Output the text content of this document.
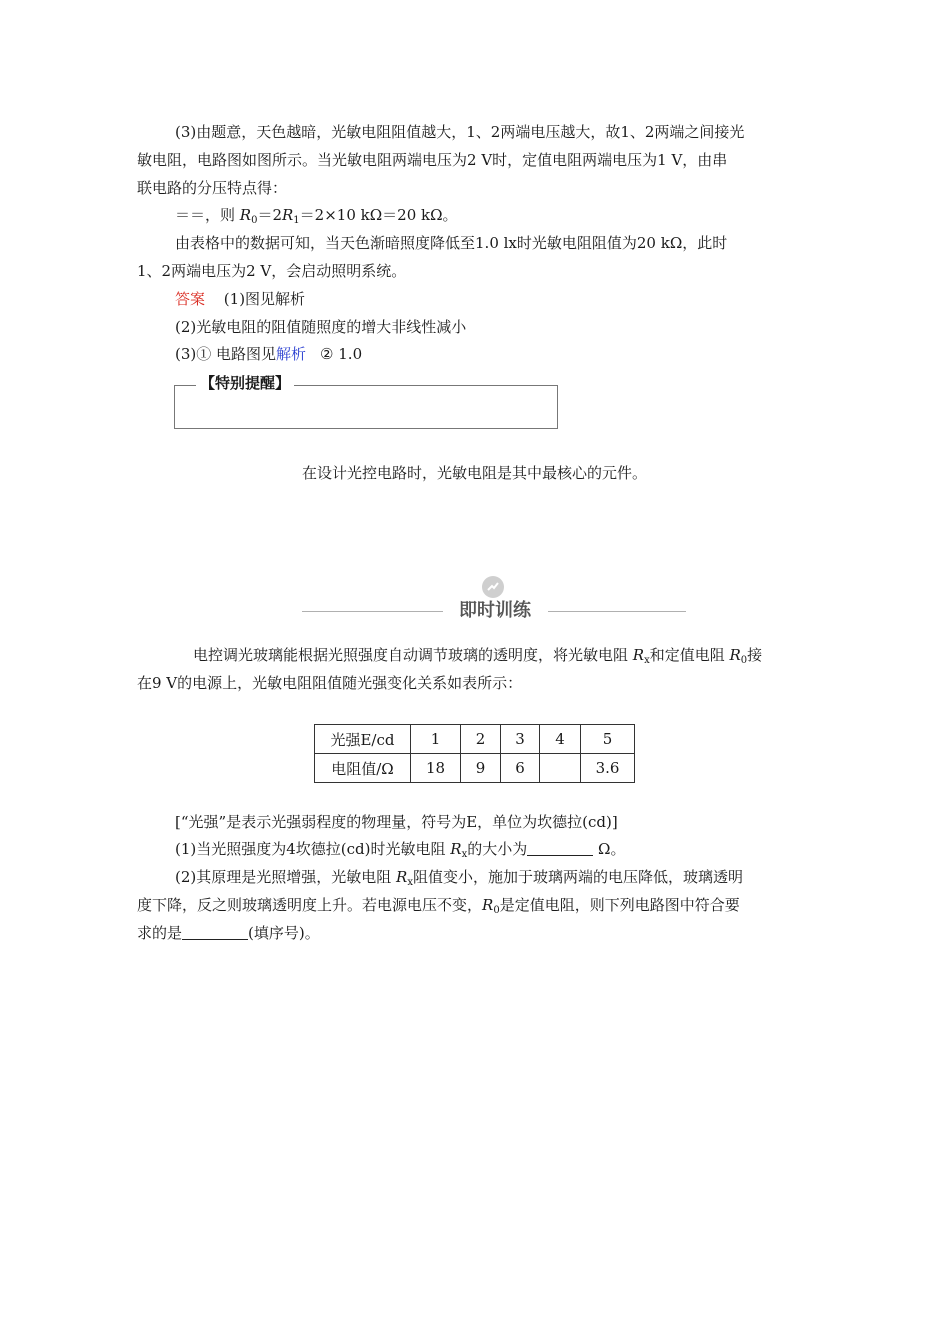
(3)由题意，天色越暗，光敏电阻阻值越大，1、2两端电压越大，故1、2两端之间接光
敏电阻，电路图如图所示。当光敏电阻两端电压为2 V时，定值电阻两端电压为1 V，由串
联电路的分压特点得：
＝＝，则 $R_0=2R_1=2\times 10$ kΩ＝20 kΩ。
由表格中的数据可知，当天色渐暗照度降低至1.0 lx时光敏电阻阻值为20 kΩ，此时
1、2两端电压为2 V，会启动照明系统。
答案 (1)图见解析
(2)光敏电阻的阻值随照度的增大非线性减小
(3)① 电路图见解析 ② 1.0
【特别提醒】
在设计光控电路时，光敏电阻是其中最核心的元件。
即时训练
电控调光玻璃能根据光照强度自动调节玻璃的透明度，将光敏电阻 $R_x$和定值电阻 $R_0$接
在9 V的电源上，光敏电阻阻值随光强变化关系如表所示：
光强E/cd	1	2	3	4	5
电阻值/Ω	18	9	6		3.6
[“光强”是表示光强弱程度的物理量，符号为E，单位为坎德拉(cd)]
(1)当光照强度为4坎德拉(cd)时光敏电阻 $R_x$的大小为	Ω。
(2)其原理是光照增强，光敏电阻 $R_x$阻值变小，施加于玻璃两端的电压降低，玻璃透明
度下降，反之则玻璃透明度上升。若电源电压不变，$R_0$是定值电阻，则下列电路图中符合要
求的是	(填序号)。
